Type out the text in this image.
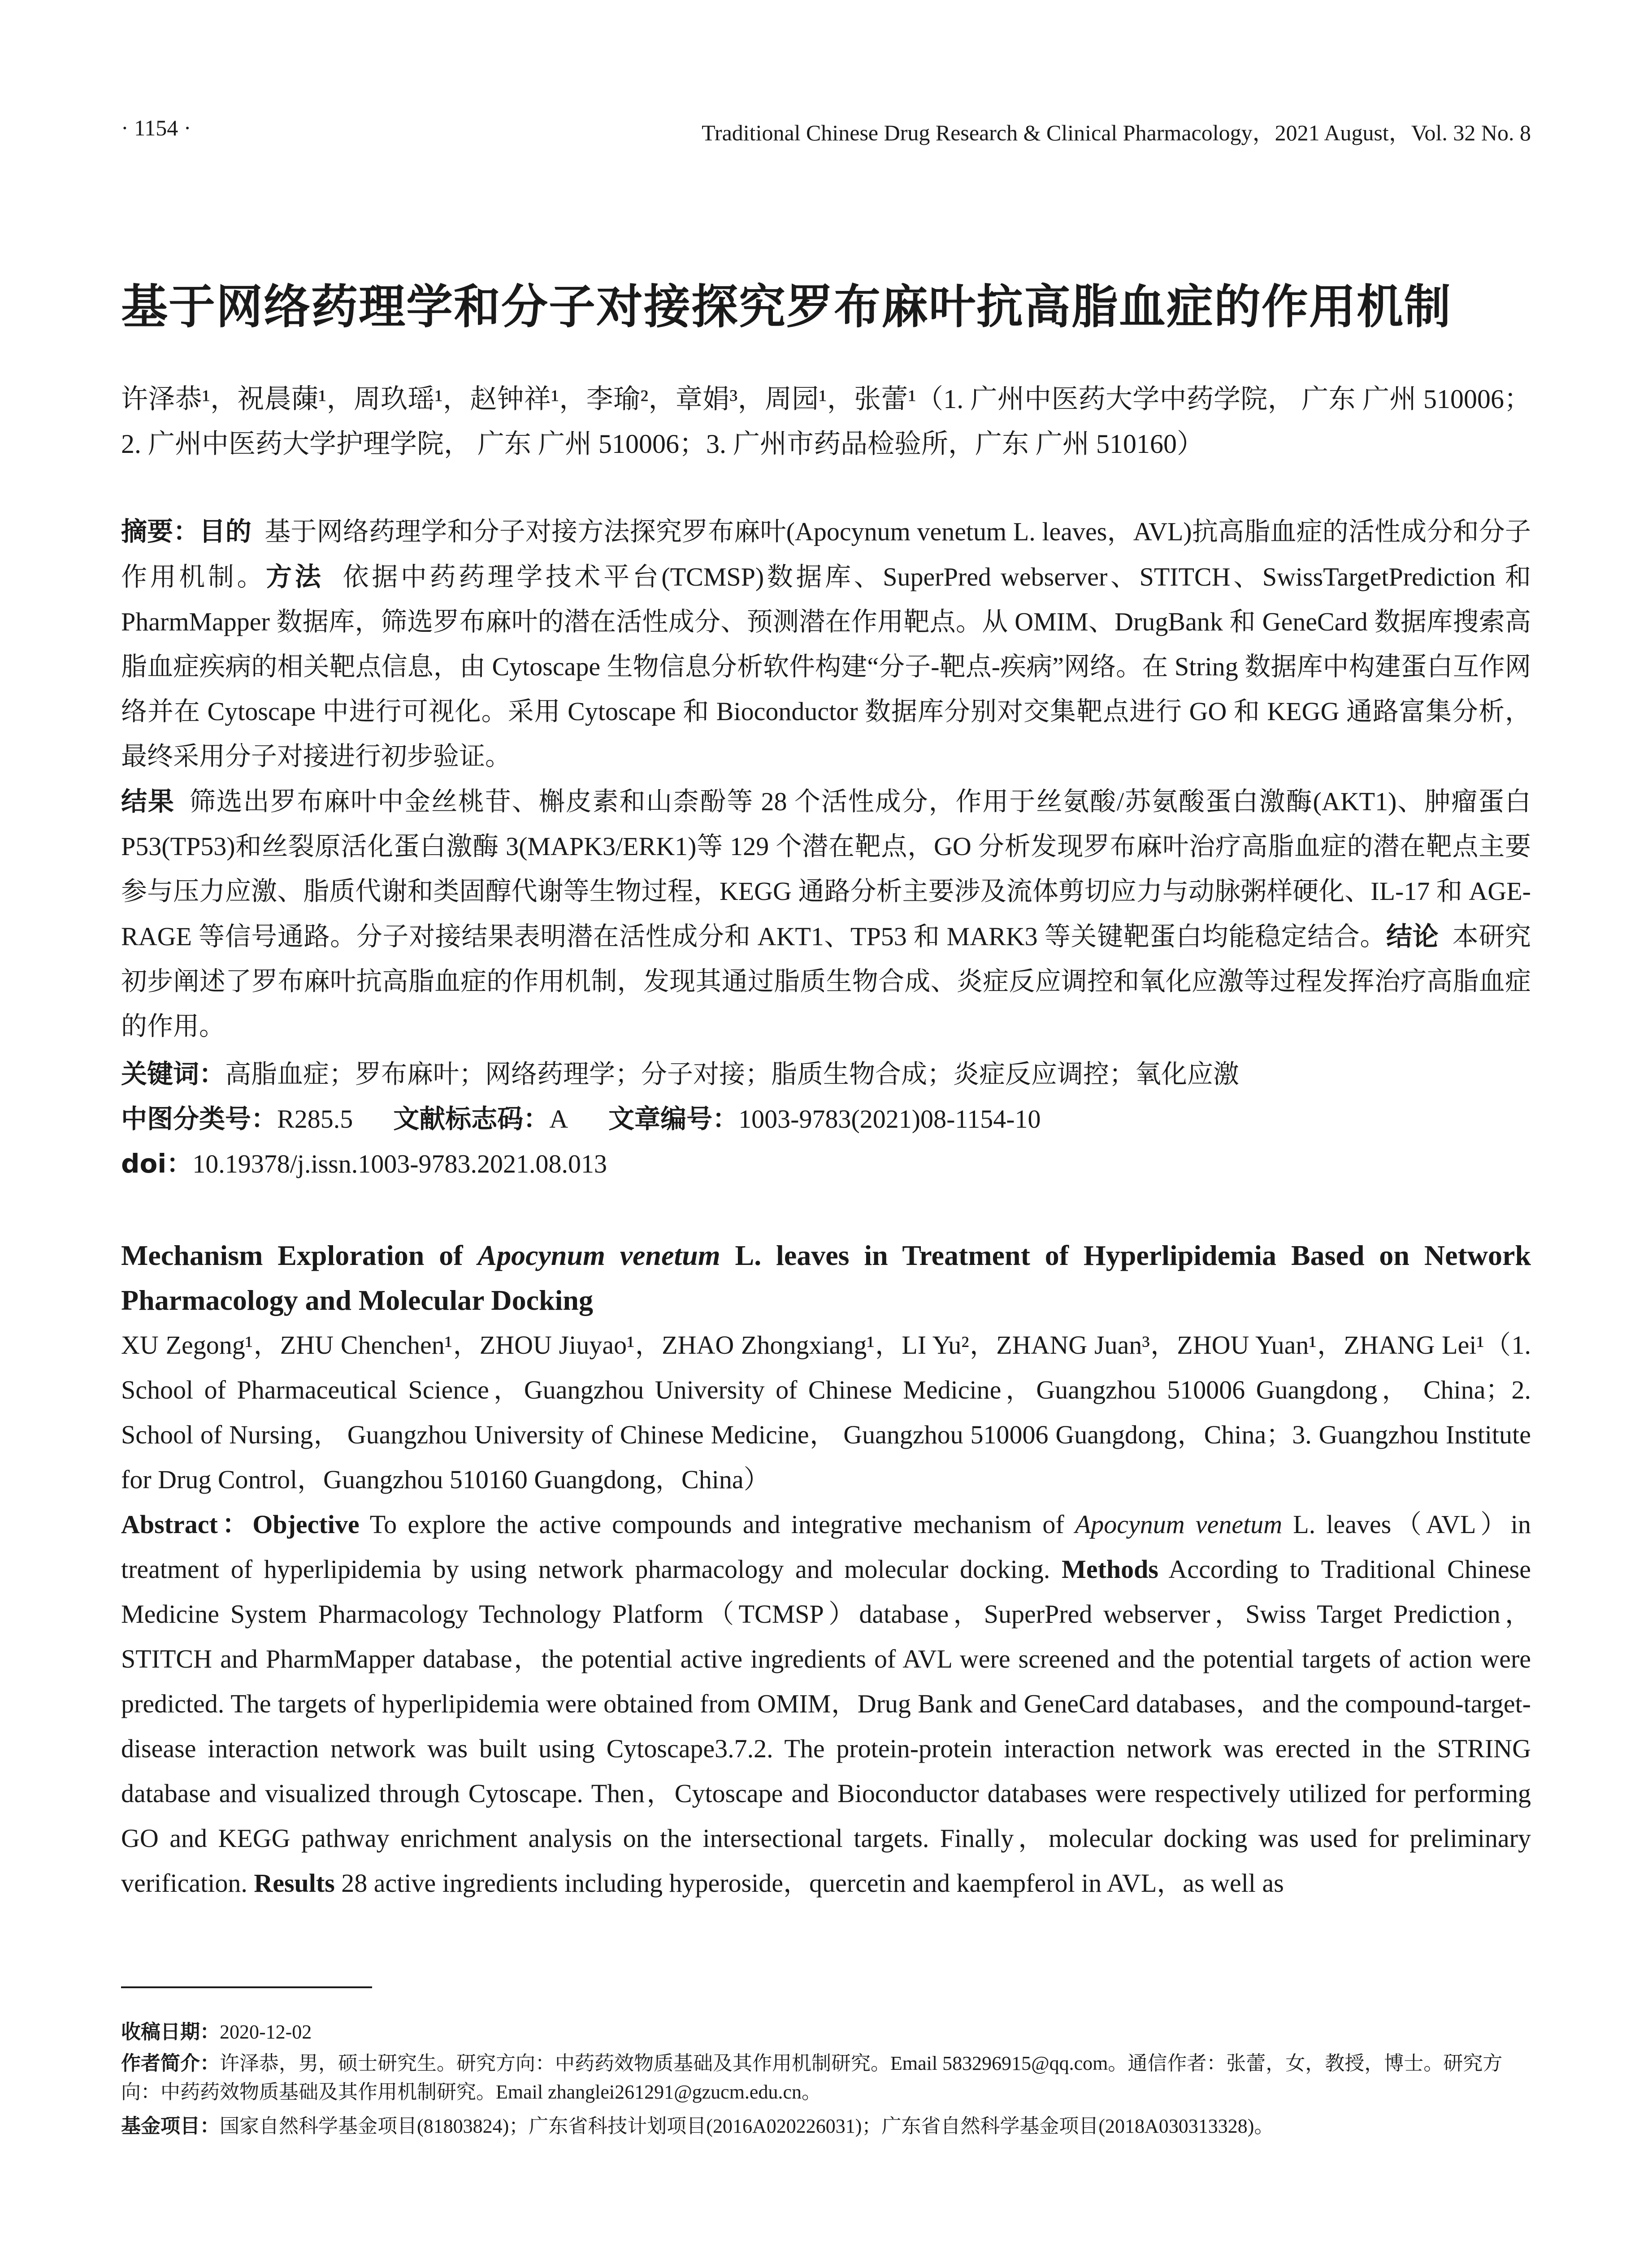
· 1154 ·	Traditional Chinese Drug Research & Clinical Pharmacology，2021 August，Vol. 32 No. 8
基于网络药理学和分子对接探究罗布麻叶抗高脂血症的作用机制
许泽恭¹，祝晨蔯¹，周玖瑶¹，赵钟祥¹，李瑜²，章娟³，周园¹，张蕾¹（1. 广州中医药大学中药学院， 广东 广州 510006；2. 广州中医药大学护理学院， 广东 广州 510006；3. 广州市药品检验所，广东 广州 510160）
摘要：目的 基于网络药理学和分子对接方法探究罗布麻叶(Apocynum venetum L. leaves，AVL)抗高脂血症的活性成分和分子作用机制。方法 依据中药药理学技术平台(TCMSP)数据库、SuperPred webserver、STITCH、SwissTargetPrediction 和 PharmMapper 数据库，筛选罗布麻叶的潜在活性成分、预测潜在作用靶点。从 OMIM、DrugBank 和 GeneCard 数据库搜索高脂血症疾病的相关靶点信息，由 Cytoscape 生物信息分析软件构建“分子-靶点-疾病”网络。在 String 数据库中构建蛋白互作网络并在 Cytoscape 中进行可视化。采用 Cytoscape 和 Bioconductor 数据库分别对交集靶点进行 GO 和 KEGG 通路富集分析，最终采用分子对接进行初步验证。
结果 筛选出罗布麻叶中金丝桃苷、槲皮素和山柰酚等 28 个活性成分，作用于丝氨酸/苏氨酸蛋白激酶(AKT1)、肿瘤蛋白 P53(TP53)和丝裂原活化蛋白激酶 3(MAPK3/ERK1)等 129 个潜在靶点，GO 分析发现罗布麻叶治疗高脂血症的潜在靶点主要参与压力应激、脂质代谢和类固醇代谢等生物过程，KEGG 通路分析主要涉及流体剪切应力与动脉粥样硬化、IL-17 和 AGE-RAGE 等信号通路。分子对接结果表明潜在活性成分和 AKT1、TP53 和 MARK3 等关键靶蛋白均能稳定结合。结论 本研究初步阐述了罗布麻叶抗高脂血症的作用机制，发现其通过脂质生物合成、炎症反应调控和氧化应激等过程发挥治疗高脂血症的作用。
关键词：高脂血症；罗布麻叶；网络药理学；分子对接；脂质生物合成；炎症反应调控；氧化应激
中图分类号：R285.5 文献标志码：A 文章编号：1003-9783(2021)08-1154-10
doi：10.19378/j.issn.1003-9783.2021.08.013
Mechanism Exploration of Apocynum venetum L. leaves in Treatment of Hyperlipidemia Based on Network Pharmacology and Molecular Docking
XU Zegong¹，ZHU Chenchen¹，ZHOU Jiuyao¹，ZHAO Zhongxiang¹，LI Yu²，ZHANG Juan³，ZHOU Yuan¹，ZHANG Lei¹（1. School of Pharmaceutical Science，Guangzhou University of Chinese Medicine，Guangzhou 510006 Guangdong， China；2. School of Nursing， Guangzhou University of Chinese Medicine， Guangzhou 510006 Guangdong，China；3. Guangzhou Institute for Drug Control，Guangzhou 510160 Guangdong，China）
Abstract：Objective To explore the active compounds and integrative mechanism of Apocynum venetum L. leaves（AVL）in treatment of hyperlipidemia by using network pharmacology and molecular docking. Methods According to Traditional Chinese Medicine System Pharmacology Technology Platform（TCMSP）database，SuperPred webserver，Swiss Target Prediction，STITCH and PharmMapper database，the potential active ingredients of AVL were screened and the potential targets of action were predicted. The targets of hyperlipidemia were obtained from OMIM，Drug Bank and GeneCard databases，and the compound-target-disease interaction network was built using Cytoscape3.7.2. The protein-protein interaction network was erected in the STRING database and visualized through Cytoscape. Then，Cytoscape and Bioconductor databases were respectively utilized for performing GO and KEGG pathway enrichment analysis on the intersectional targets. Finally，molecular docking was used for preliminary verification. Results 28 active ingredients including hyperoside，quercetin and kaempferol in AVL，as well as
收稿日期：2020-12-02
作者简介：许泽恭，男，硕士研究生。研究方向：中药药效物质基础及其作用机制研究。Email 583296915@qq.com。通信作者：张蕾，女，教授，博士。研究方向：中药药效物质基础及其作用机制研究。Email zhanglei261291@gzucm.edu.cn。
基金项目：国家自然科学基金项目(81803824)；广东省科技计划项目(2016A020226031)；广东省自然科学基金项目(2018A030313328)。
